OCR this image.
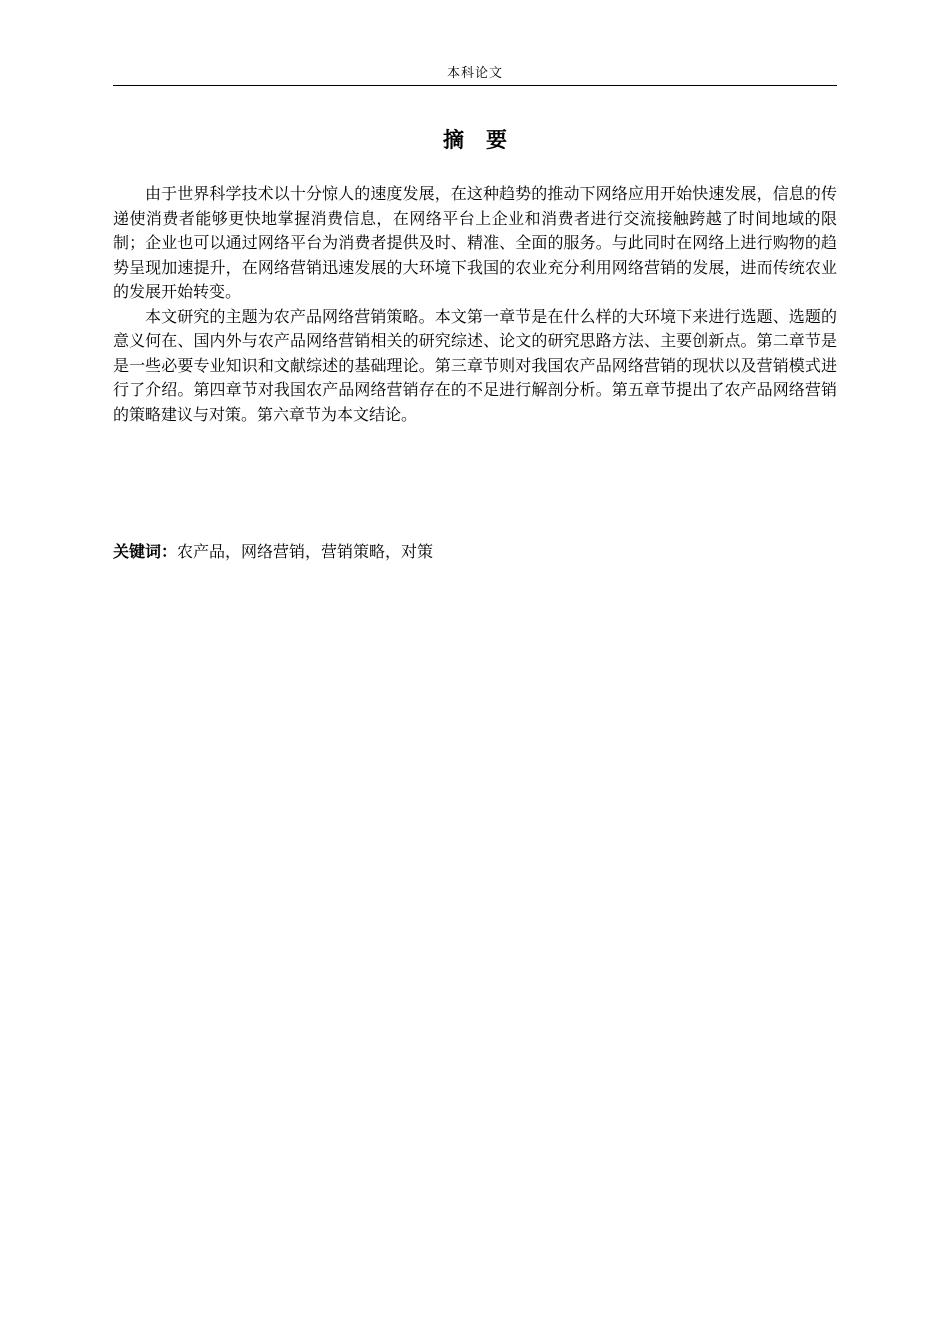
本科论文
摘 要

由于世界科学技术以十分惊人的速度发展，在这种趋势的推动下网络应用开始快速发展，信息的传递使消费者能够更快地掌握消费信息，在网络平台上企业和消费者进行交流接触跨越了时间地域的限制；企业也可以通过网络平台为消费者提供及时、精准、全面的服务。与此同时在网络上进行购物的趋势呈现加速提升，在网络营销迅速发展的大环境下我国的农业充分利用网络营销的发展，进而传统农业的发展开始转变。

本文研究的主题为农产品网络营销策略。本文第一章节是在什么样的大环境下来进行选题、选题的意义何在、国内外与农产品网络营销相关的研究综述、论文的研究思路方法、主要创新点。第二章节是是一些必要专业知识和文献综述的基础理论。第三章节则对我国农产品网络营销的现状以及营销模式进行了介绍。第四章节对我国农产品网络营销存在的不足进行解剖分析。第五章节提出了农产品网络营销的策略建议与对策。第六章节为本文结论。

关键词：农产品，网络营销，营销策略，对策
